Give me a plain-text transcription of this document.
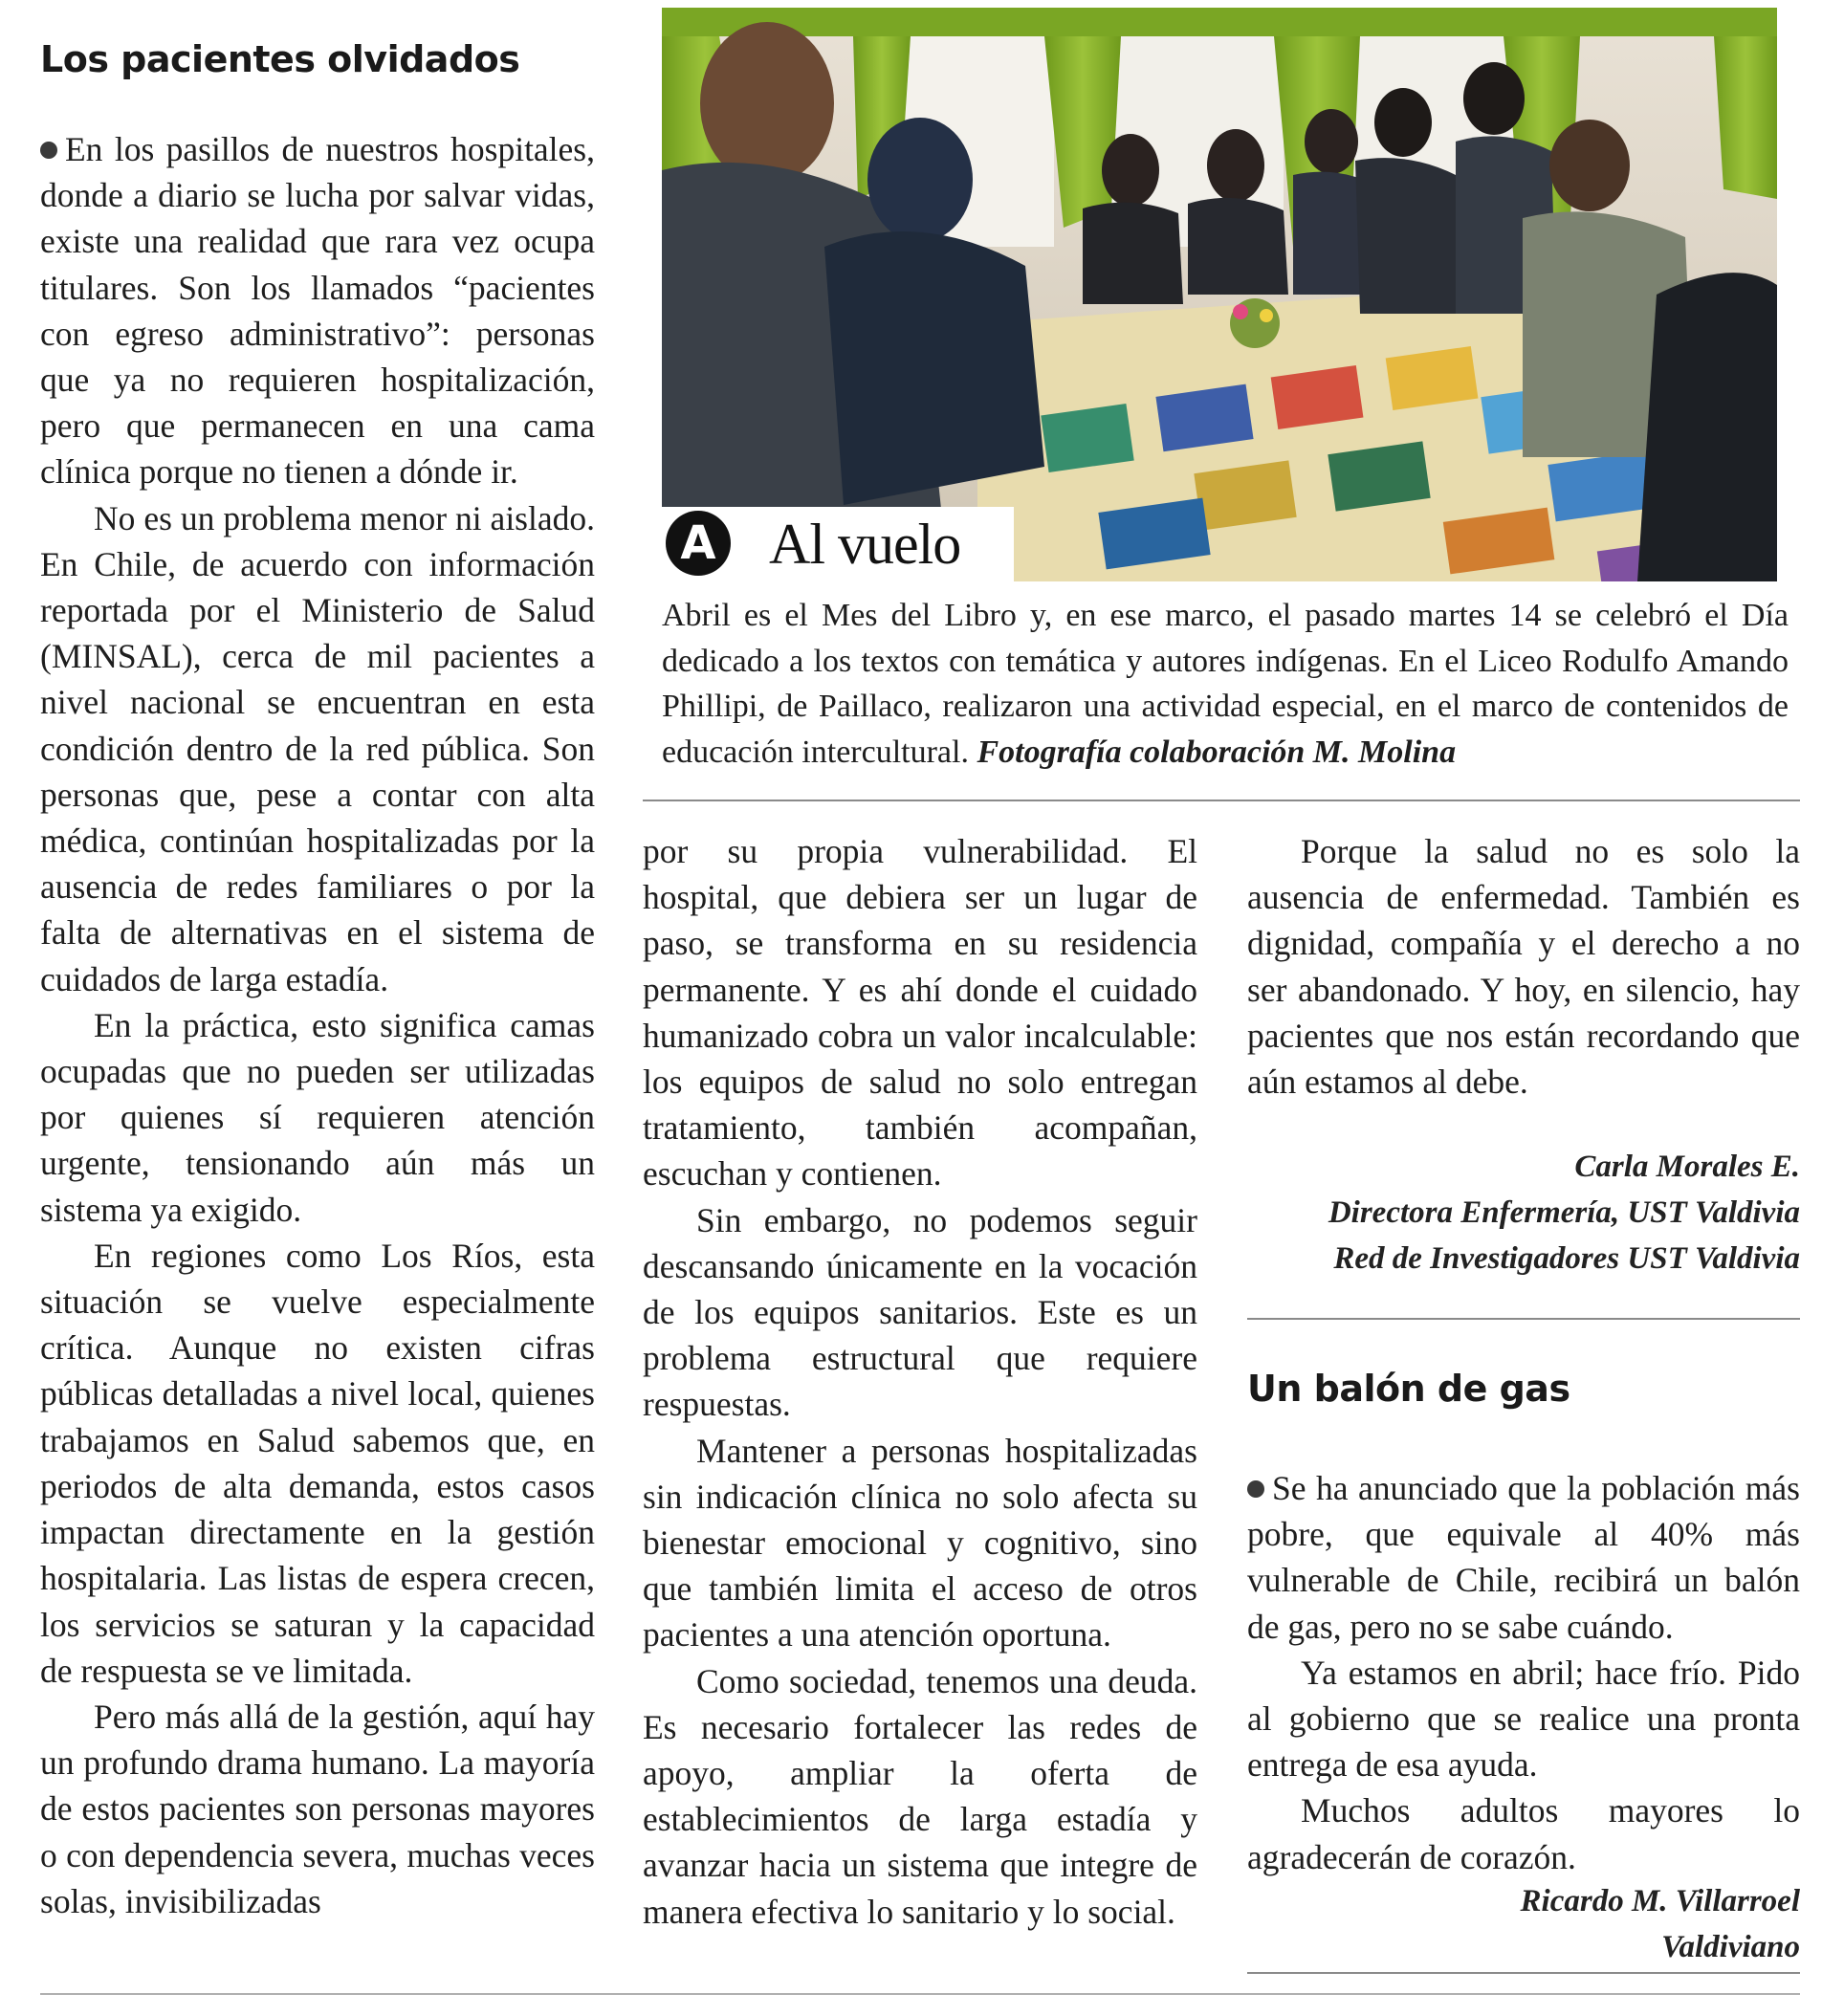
Los pacientes olvidados

En los pasillos de nuestros hospitales, donde a diario se lucha por salvar vidas, existe una realidad que rara vez ocupa titulares. Son los llamados “pacientes con egreso administrativo”: personas que ya no requieren hospitalización, pero que permanecen en una cama clínica porque no tienen a dónde ir.

No es un problema menor ni aislado. En Chile, de acuerdo con información reportada por el Ministerio de Salud (MINSAL), cerca de mil pacientes a nivel nacional se encuentran en esta condición dentro de la red pública. Son personas que, pese a contar con alta médica, continúan hospitalizadas por la ausencia de redes familiares o por la falta de alternativas en el sistema de cuidados de larga estadía.

En la práctica, esto significa camas ocupadas que no pueden ser utilizadas por quienes sí requieren atención urgente, tensionando aún más un sistema ya exigido.

En regiones como Los Ríos, esta situación se vuelve especialmente crítica. Aunque no existen cifras públicas detalladas a nivel local, quienes trabajamos en Salud sabemos que, en periodos de alta demanda, estos casos impactan directamente en la gestión hospitalaria. Las listas de espera crecen, los servicios se saturan y la capacidad de respuesta se ve limitada.

Pero más allá de la gestión, aquí hay un profundo drama humano. La mayoría de estos pacientes son personas mayores o con dependencia severa, muchas veces solas, invisibilizadas

A Al vuelo
Abril es el Mes del Libro y, en ese marco, el pasado martes 14 se celebró el Día dedicado a los textos con temática y autores indígenas. En el Liceo Rodulfo Amando Phillipi, de Paillaco, realizaron una actividad especial, en el marco de contenidos de educación intercultural. Fotografía colaboración M. Molina

por su propia vulnerabilidad. El hospital, que debiera ser un lugar de paso, se transforma en su residencia permanente. Y es ahí donde el cuidado humanizado cobra un valor incalculable: los equipos de salud no solo entregan tratamiento, también acompañan, escuchan y contienen.

Sin embargo, no podemos seguir descansando únicamente en la vocación de los equipos sanitarios. Este es un problema estructural que requiere respuestas.

Mantener a personas hospitalizadas sin indicación clínica no solo afecta su bienestar emocional y cognitivo, sino que también limita el acceso de otros pacientes a una atención oportuna.

Como sociedad, tenemos una deuda. Es necesario fortalecer las redes de apoyo, ampliar la oferta de establecimientos de larga estadía y avanzar hacia un sistema que integre de manera efectiva lo sanitario y lo social.

Porque la salud no es solo la ausencia de enfermedad. También es dignidad, compañía y el derecho a no ser abandonado. Y hoy, en silencio, hay pacientes que nos están recordando que aún estamos al debe.

Carla Morales E.
Directora Enfermería, UST Valdivia
Red de Investigadores UST Valdivia
Un balón de gas

Se ha anunciado que la población más pobre, que equivale al 40% más vulnerable de Chile, recibirá un balón de gas, pero no se sabe cuándo.

Ya estamos en abril; hace frío. Pido al gobierno que se realice una pronta entrega de esa ayuda.

Muchos adultos mayores lo agradecerán de corazón.

Ricardo M. Villarroel
Valdiviano
